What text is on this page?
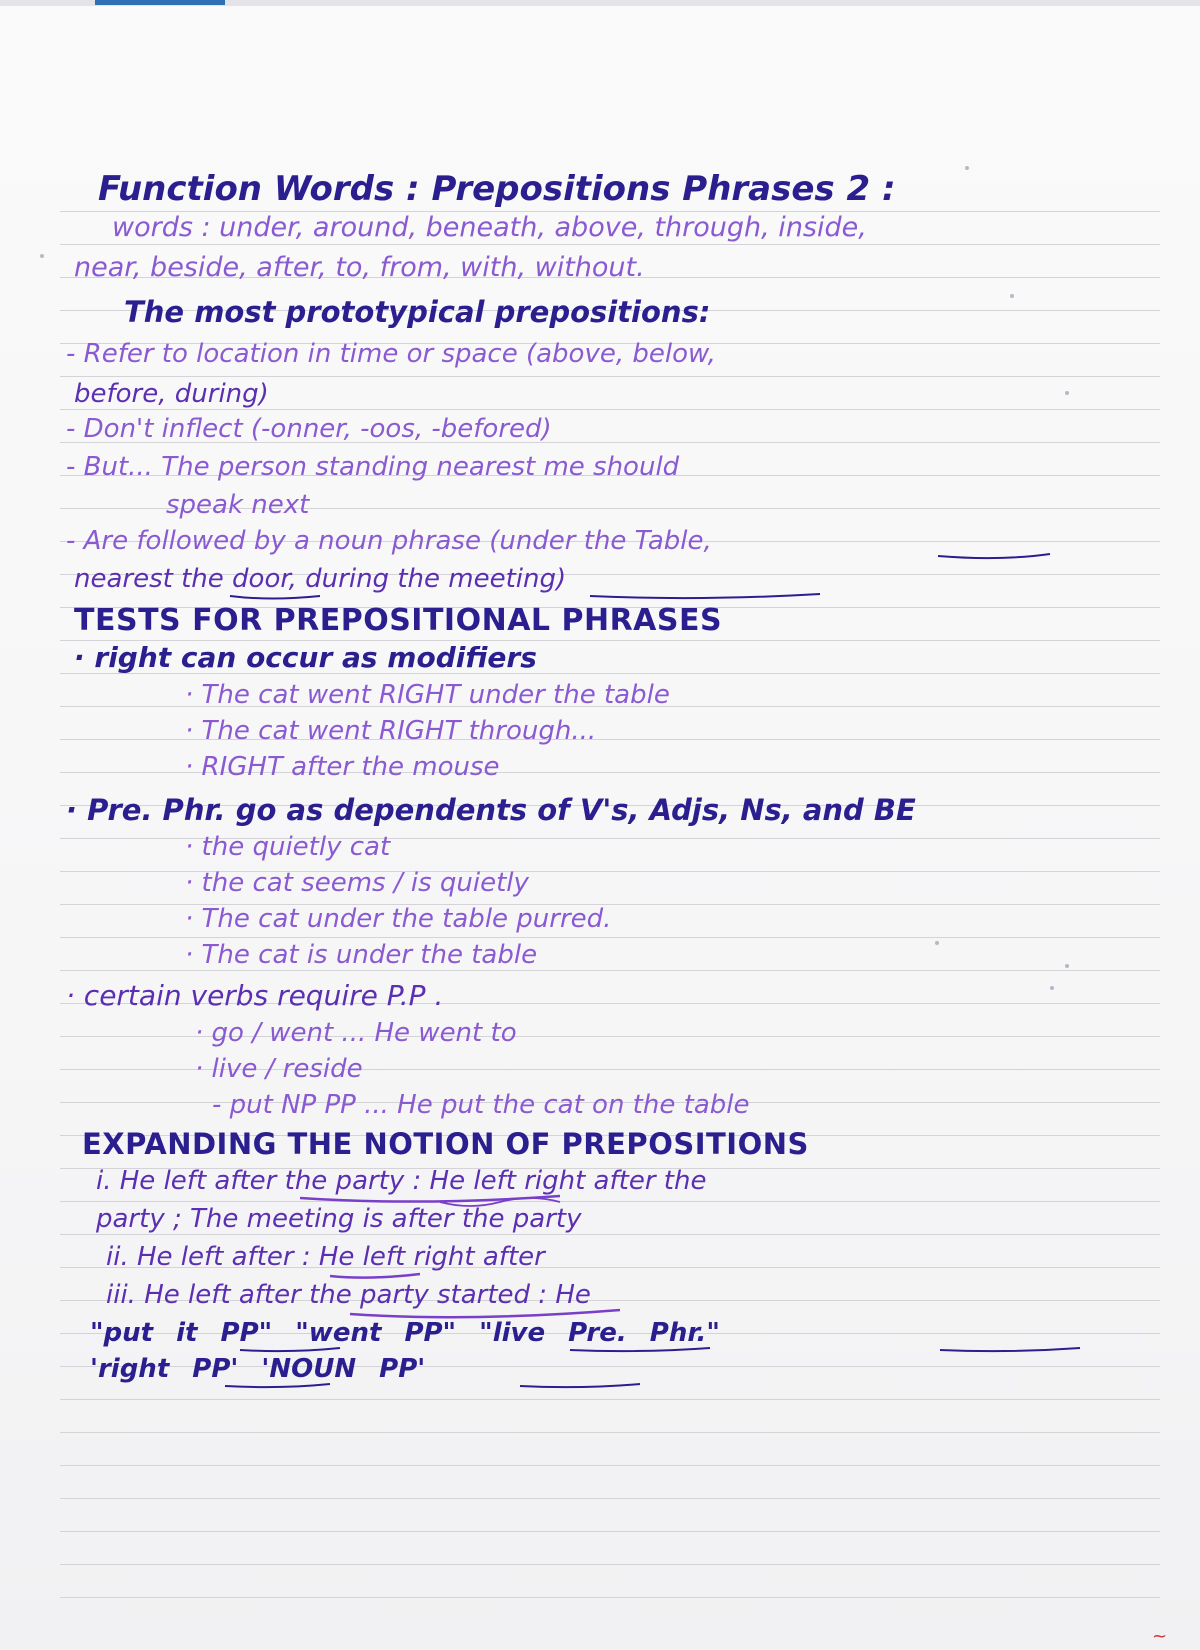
Function Words : Prepositions Phrases 2 :
words : under, around, beneath, above, through, inside,
near, beside, after, to, from, with, without.
The most prototypical prepositions:
- Refer to location in time or space (above, below,
before, during)
- Don't inflect (-onner, -oos, -befored)
- But... The person standing nearest me should
speak next
- Are followed by a noun phrase (under the Table,
nearest the door, during the meeting)
TESTS FOR PREPOSITIONAL PHRASES
· right can occur as modifiers
· The cat went RIGHT under the table
· The cat went RIGHT through...
· RIGHT after the mouse
· Pre. Phr. go as dependents of V's, Adjs, Ns, and BE
· the quietly cat
· the cat seems / is quietly
· The cat under the table purred.
· The cat is under the table
· certain verbs require P.P .
· go / went ... He went to
· live / reside
- put NP PP ... He put the cat on the table
EXPANDING THE NOTION OF PREPOSITIONS
i. He left after the party : He left right after the
party ; The meeting is after the party
ii. He left after : He left right after
iii. He left after the party started : He
"put it PP" "went PP" "live Pre. Phr."
'right PP' 'NOUN PP'
~
